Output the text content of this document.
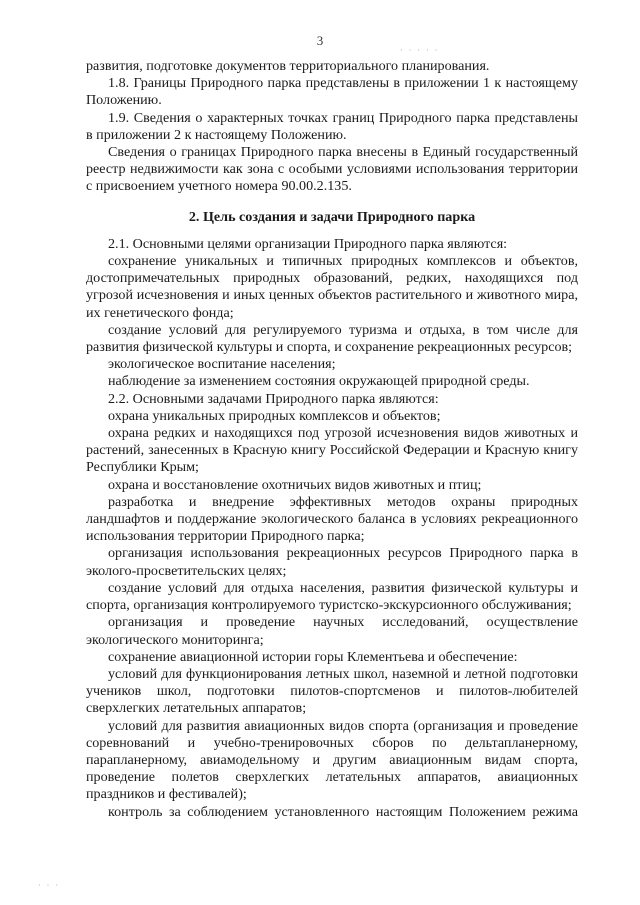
3
· · · · ·
· · ·

развития, подготовке документов территориального планирования.

1.8. Границы Природного парка представлены в приложении 1 к настоящему Положению.

1.9. Сведения о характерных точках границ Природного парка представлены в приложении 2 к настоящему Положению.

Сведения о границах Природного парка внесены в Единый государственный реестр недвижимости как зона с особыми условиями использования территории с присвоением учетного номера 90.00.2.135.

2. Цель создания и задачи Природного парка

2.1. Основными целями организации Природного парка являются:

сохранение уникальных и типичных природных комплексов и объектов, достопримечательных природных образований, редких, находящихся под угрозой исчезновения и иных ценных объектов растительного и животного мира, их генетического фонда;

создание условий для регулируемого туризма и отдыха, в том числе для развития физической культуры и спорта, и сохранение рекреационных ресурсов;

экологическое воспитание населения;

наблюдение за изменением состояния окружающей природной среды.

2.2. Основными задачами Природного парка являются:

охрана уникальных природных комплексов и объектов;

охрана редких и находящихся под угрозой исчезновения видов животных и растений, занесенных в Красную книгу Российской Федерации и Красную книгу Республики Крым;

охрана и восстановление охотничьих видов животных и птиц;

разработка и внедрение эффективных методов охраны природных ландшафтов и поддержание экологического баланса в условиях рекреационного использования территории Природного парка;

организация использования рекреационных ресурсов Природного парка в эколого-просветительских целях;

создание условий для отдыха населения, развития физической культуры и спорта, организация контролируемого туристско-экскурсионного обслуживания;

организация и проведение научных исследований, осуществление экологического мониторинга;

сохранение авиационной истории горы Клементьева и обеспечение:

условий для функционирования летных школ, наземной и летной подготовки учеников школ, подготовки пилотов-спортсменов и пилотов-любителей сверхлегких летательных аппаратов;

условий для развития авиационных видов спорта (организация и проведение соревнований и учебно-тренировочных сборов по дельтапланерному, парапланерному, авиамодельному и другим авиационным видам спорта, проведение полетов сверхлегких летательных аппаратов, авиационных праздников и фестивалей);

контроль за соблюдением установленного настоящим Положением режима
